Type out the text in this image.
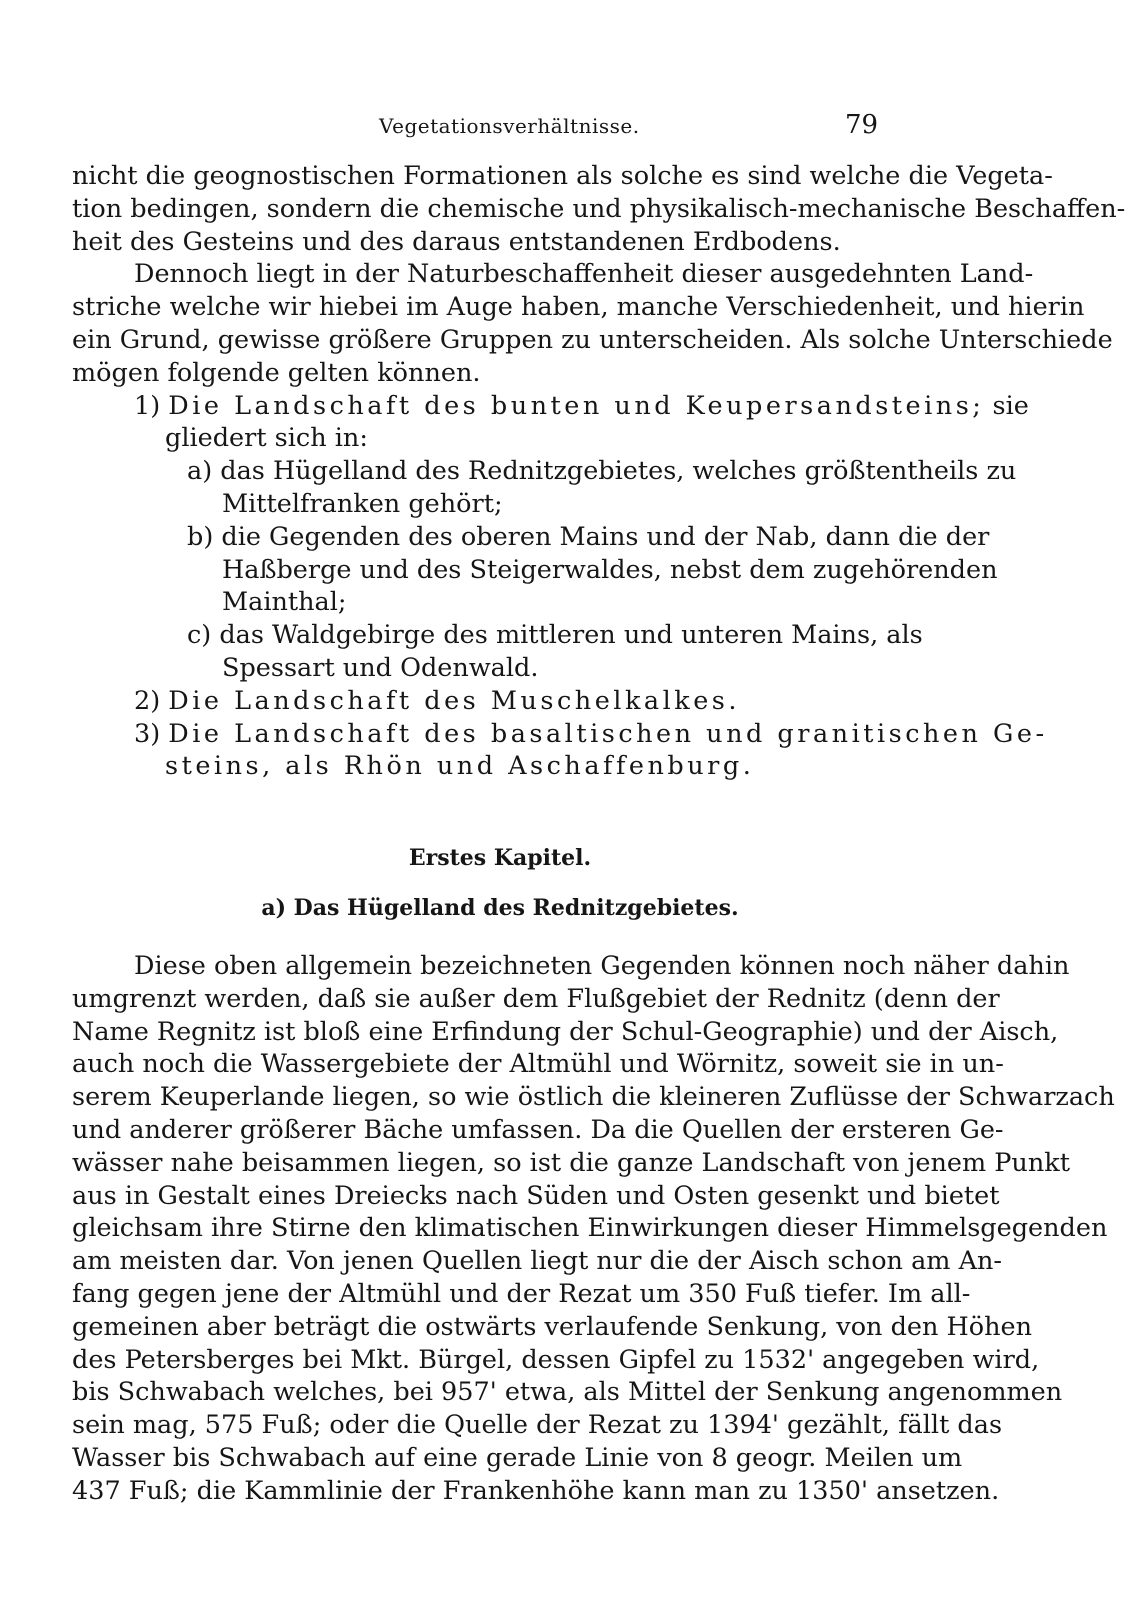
Vegetationsverhältnisse.	79
nicht die geognostischen Formationen als solche es sind welche die Vegeta-
tion bedingen, sondern die chemische und physikalisch-mechanische Beschaffen-
heit des Gesteins und des daraus entstandenen Erdbodens.
Dennoch liegt in der Naturbeschaffenheit dieser ausgedehnten Land-
striche welche wir hiebei im Auge haben, manche Verschiedenheit, und hierin
ein Grund, gewisse größere Gruppen zu unterscheiden. Als solche Unterschiede
mögen folgende gelten können.
1) Die Landschaft des bunten und Keupersandsteins; sie
gliedert sich in:
a) das Hügelland des Rednitzgebietes, welches größtentheils zu
Mittelfranken gehört;
b) die Gegenden des oberen Mains und der Nab, dann die der
Haßberge und des Steigerwaldes, nebst dem zugehörenden
Mainthal;
c) das Waldgebirge des mittleren und unteren Mains, als
Spessart und Odenwald.
2) Die Landschaft des Muschelkalkes.
3) Die Landschaft des basaltischen und granitischen Ge-
steins, als Rhön und Aschaffenburg.
Erstes Kapitel.
a) Das Hügelland des Rednitzgebietes.
Diese oben allgemein bezeichneten Gegenden können noch näher dahin
umgrenzt werden, daß sie außer dem Flußgebiet der Rednitz (denn der
Name Regnitz ist bloß eine Erfindung der Schul-Geographie) und der Aisch,
auch noch die Wassergebiete der Altmühl und Wörnitz, soweit sie in un-
serem Keuperlande liegen, so wie östlich die kleineren Zuflüsse der Schwarzach
und anderer größerer Bäche umfassen. Da die Quellen der ersteren Ge-
wässer nahe beisammen liegen, so ist die ganze Landschaft von jenem Punkt
aus in Gestalt eines Dreiecks nach Süden und Osten gesenkt und bietet
gleichsam ihre Stirne den klimatischen Einwirkungen dieser Himmelsgegenden
am meisten dar. Von jenen Quellen liegt nur die der Aisch schon am An-
fang gegen jene der Altmühl und der Rezat um 350 Fuß tiefer. Im all-
gemeinen aber beträgt die ostwärts verlaufende Senkung, von den Höhen
des Petersberges bei Mkt. Bürgel, dessen Gipfel zu 1532' angegeben wird,
bis Schwabach welches, bei 957' etwa, als Mittel der Senkung angenommen
sein mag, 575 Fuß; oder die Quelle der Rezat zu 1394' gezählt, fällt das
Wasser bis Schwabach auf eine gerade Linie von 8 geogr. Meilen um
437 Fuß; die Kammlinie der Frankenhöhe kann man zu 1350' ansetzen.
